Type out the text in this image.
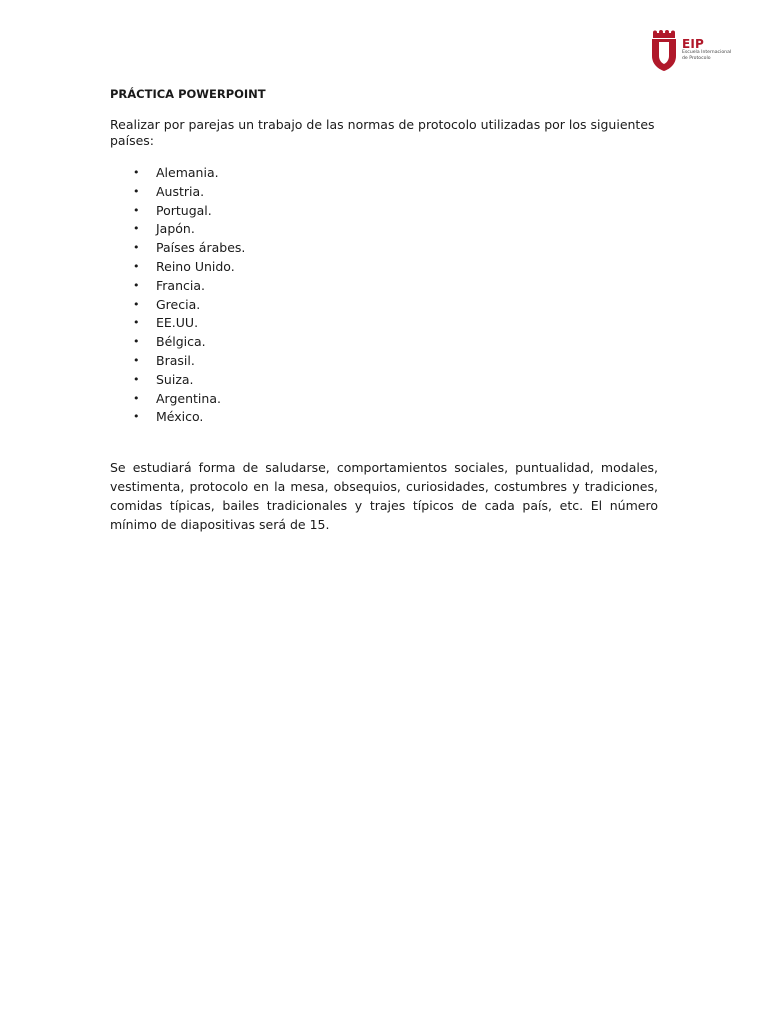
EIP
Escuela Internacional
de Protocolo

PRÁCTICA POWERPOINT

Realizar por parejas un trabajo de las normas de protocolo utilizadas por los siguientes países:

• Alemania.
• Austria.
• Portugal.
• Japón.
• Países árabes.
• Reino Unido.
• Francia.
• Grecia.
• EE.UU.
• Bélgica.
• Brasil.
• Suiza.
• Argentina.
• México.

Se estudiará forma de saludarse, comportamientos sociales, puntualidad, modales, vestimenta, protocolo en la mesa, obsequios, curiosidades, costumbres y tradiciones, comidas típicas, bailes tradicionales y trajes típicos de cada país, etc. El número mínimo de diapositivas será de 15.
